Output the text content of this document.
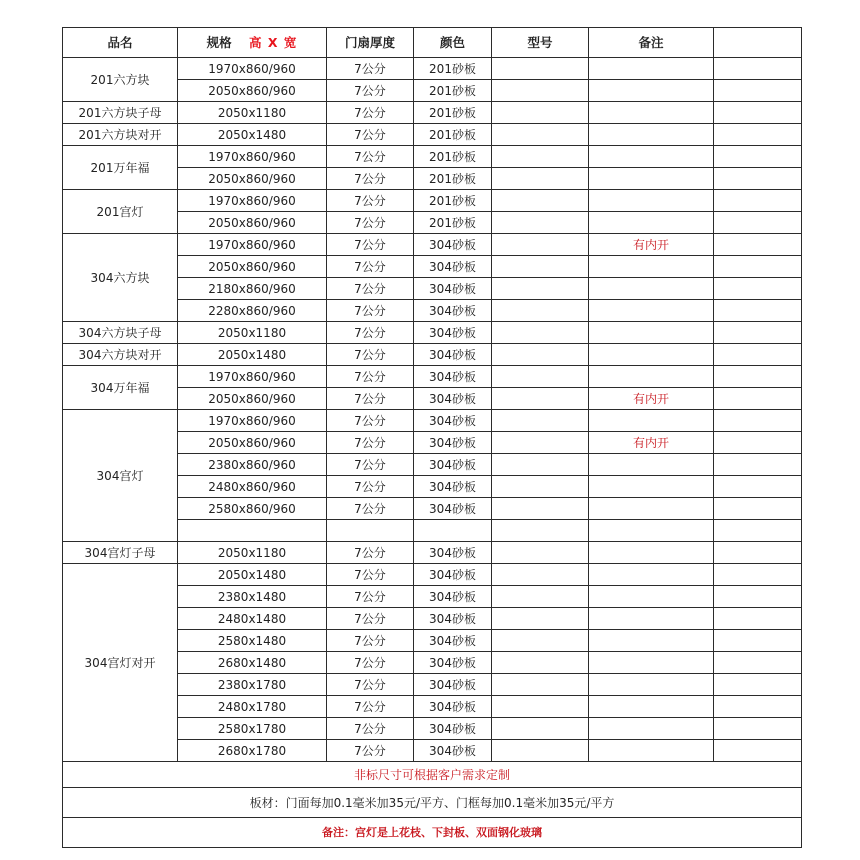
品名	规格 高 X 宽	门扇厚度	颜色	型号	备注	
201六方块	1970x860/960	7公分	201砂板			
	2050x860/960	7公分	201砂板			
201六方块子母	2050x1180	7公分	201砂板			
201六方块对开	2050x1480	7公分	201砂板			
201万年福	1970x860/960	7公分	201砂板			
	2050x860/960	7公分	201砂板			
201宫灯	1970x860/960	7公分	201砂板			
	2050x860/960	7公分	201砂板			
304六方块	1970x860/960	7公分	304砂板		有内开	
	2050x860/960	7公分	304砂板			
	2180x860/960	7公分	304砂板			
	2280x860/960	7公分	304砂板			
304六方块子母	2050x1180	7公分	304砂板			
304六方块对开	2050x1480	7公分	304砂板			
304万年福	1970x860/960	7公分	304砂板			
	2050x860/960	7公分	304砂板		有内开	
304宫灯	1970x860/960	7公分	304砂板			
	2050x860/960	7公分	304砂板		有内开	
	2380x860/960	7公分	304砂板			
	2480x860/960	7公分	304砂板			
	2580x860/960	7公分	304砂板			

304宫灯子母	2050x1180	7公分	304砂板			
304宫灯对开	2050x1480	7公分	304砂板			
	2380x1480	7公分	304砂板			
	2480x1480	7公分	304砂板			
	2580x1480	7公分	304砂板			
	2680x1480	7公分	304砂板			
	2380x1780	7公分	304砂板			
	2480x1780	7公分	304砂板			
	2580x1780	7公分	304砂板			
	2680x1780	7公分	304砂板			
非标尺寸可根据客户需求定制						
板材：门面每加0.1毫米加35元/平方、门框每加0.1毫米加35元/平方						
备注：宫灯是上花枝、下封板、双面钢化玻璃						
